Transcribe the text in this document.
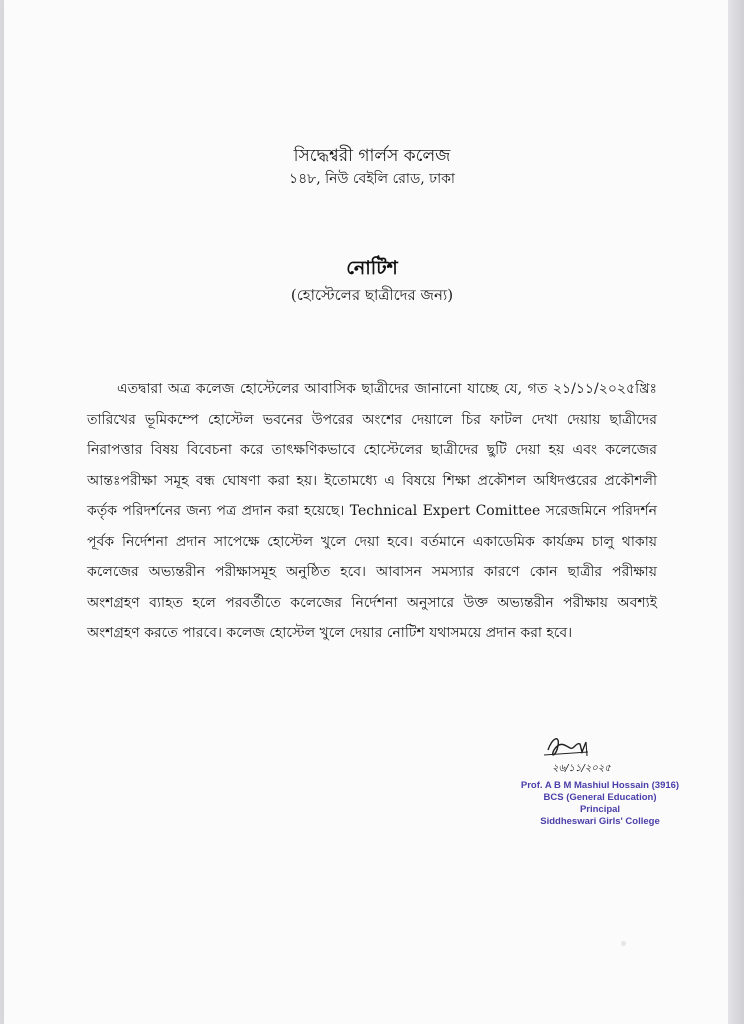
সিদ্ধেশ্বরী গার্লস কলেজ
১৪৮, নিউ বেইলি রোড, ঢাকা
নোটিশ
(হোস্টেলের ছাত্রীদের জন্য)
এতদ্বারা অত্র কলেজ হোস্টেলের আবাসিক ছাত্রীদের জানানো যাচ্ছে যে, গত ২১/১১/২০২৫খ্রিঃ তারিখের ভূমিকম্পে হোস্টেল ভবনের উপরের অংশের দেয়ালে চির ফাটল দেখা দেয়ায় ছাত্রীদের নিরাপত্তার বিষয় বিবেচনা করে তাৎক্ষণিকভাবে হোস্টেলের ছাত্রীদের ছুটি দেয়া হয় এবং কলেজের আন্তঃপরীক্ষা সমূহ বন্ধ ঘোষণা করা হয়। ইতোমধ্যে এ বিষয়ে শিক্ষা প্রকৌশল অধিদপ্তরের প্রকৌশলী কর্তৃক পরিদর্শনের জন্য পত্র প্রদান করা হয়েছে। Technical Expert Comittee সরেজমিনে পরিদর্শন পূর্বক নির্দেশনা প্রদান সাপেক্ষে হোস্টেল খুলে দেয়া হবে। বর্তমানে একাডেমিক কার্যক্রম চালু থাকায় কলেজের অভ্যন্তরীন পরীক্ষাসমূহ অনুষ্ঠিত হবে। আবাসন সমস্যার কারণে কোন ছাত্রীর পরীক্ষায় অংশগ্রহণ ব্যাহত হলে পরবর্তীতে কলেজের নির্দেশনা অনুসারে উক্ত অভ্যন্তরীন পরীক্ষায় অবশ্যই অংশগ্রহণ করতে পারবে। কলেজ হোস্টেল খুলে দেয়ার নোটিশ যথাসময়ে প্রদান করা হবে।
২৬/১১/২০২৫
Prof. A B M Mashiul Hossain (3916)
BCS (General Education)
Principal
Siddheswari Girls' College
